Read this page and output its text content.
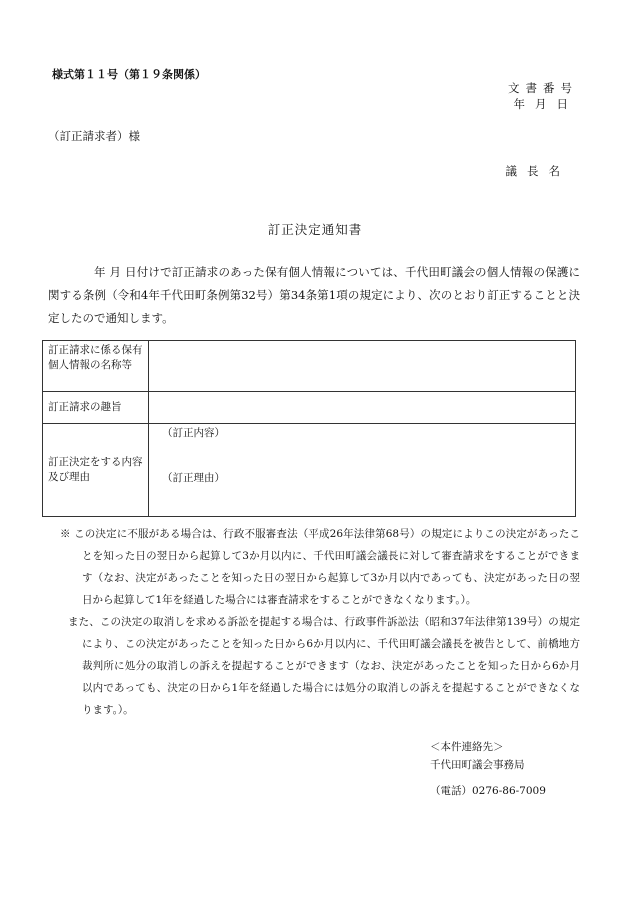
様式第１１号（第１９条関係）
文書番号
年月日
（訂正請求者）様
議長名
訂正決定通知書

年 月 日付けで訂正請求のあった保有個人情報については、千代田町議会の個人情報の保護に関する条例（令和4年千代田町条例第32号）第34条第1項の規定により、次のとおり訂正することと決定したので通知します。

訂正請求に係る保有個人情報の名称等	
訂正請求の趣旨	
訂正決定をする内容及び理由	（訂正内容）
（訂正理由）

※ この決定に不服がある場合は、行政不服審査法（平成26年法律第68号）の規定によりこの決定があったことを知った日の翌日から起算して3か月以内に、千代田町議会議長に対して審査請求をすることができます（なお、決定があったことを知った日の翌日から起算して3か月以内であっても、決定があった日の翌日から起算して1年を経過した場合には審査請求をすることができなくなります。）。

また、この決定の取消しを求める訴訟を提起する場合は、行政事件訴訟法（昭和37年法律第139号）の規定により、この決定があったことを知った日から6か月以内に、千代田町議会議長を被告として、前橋地方裁判所に処分の取消しの訴えを提起することができます（なお、決定があったことを知った日から6か月以内であっても、決定の日から1年を経過した場合には処分の取消しの訴えを提起することができなくなります。）。

＜本件連絡先＞
千代田町議会事務局
（電話）0276-86-7009
